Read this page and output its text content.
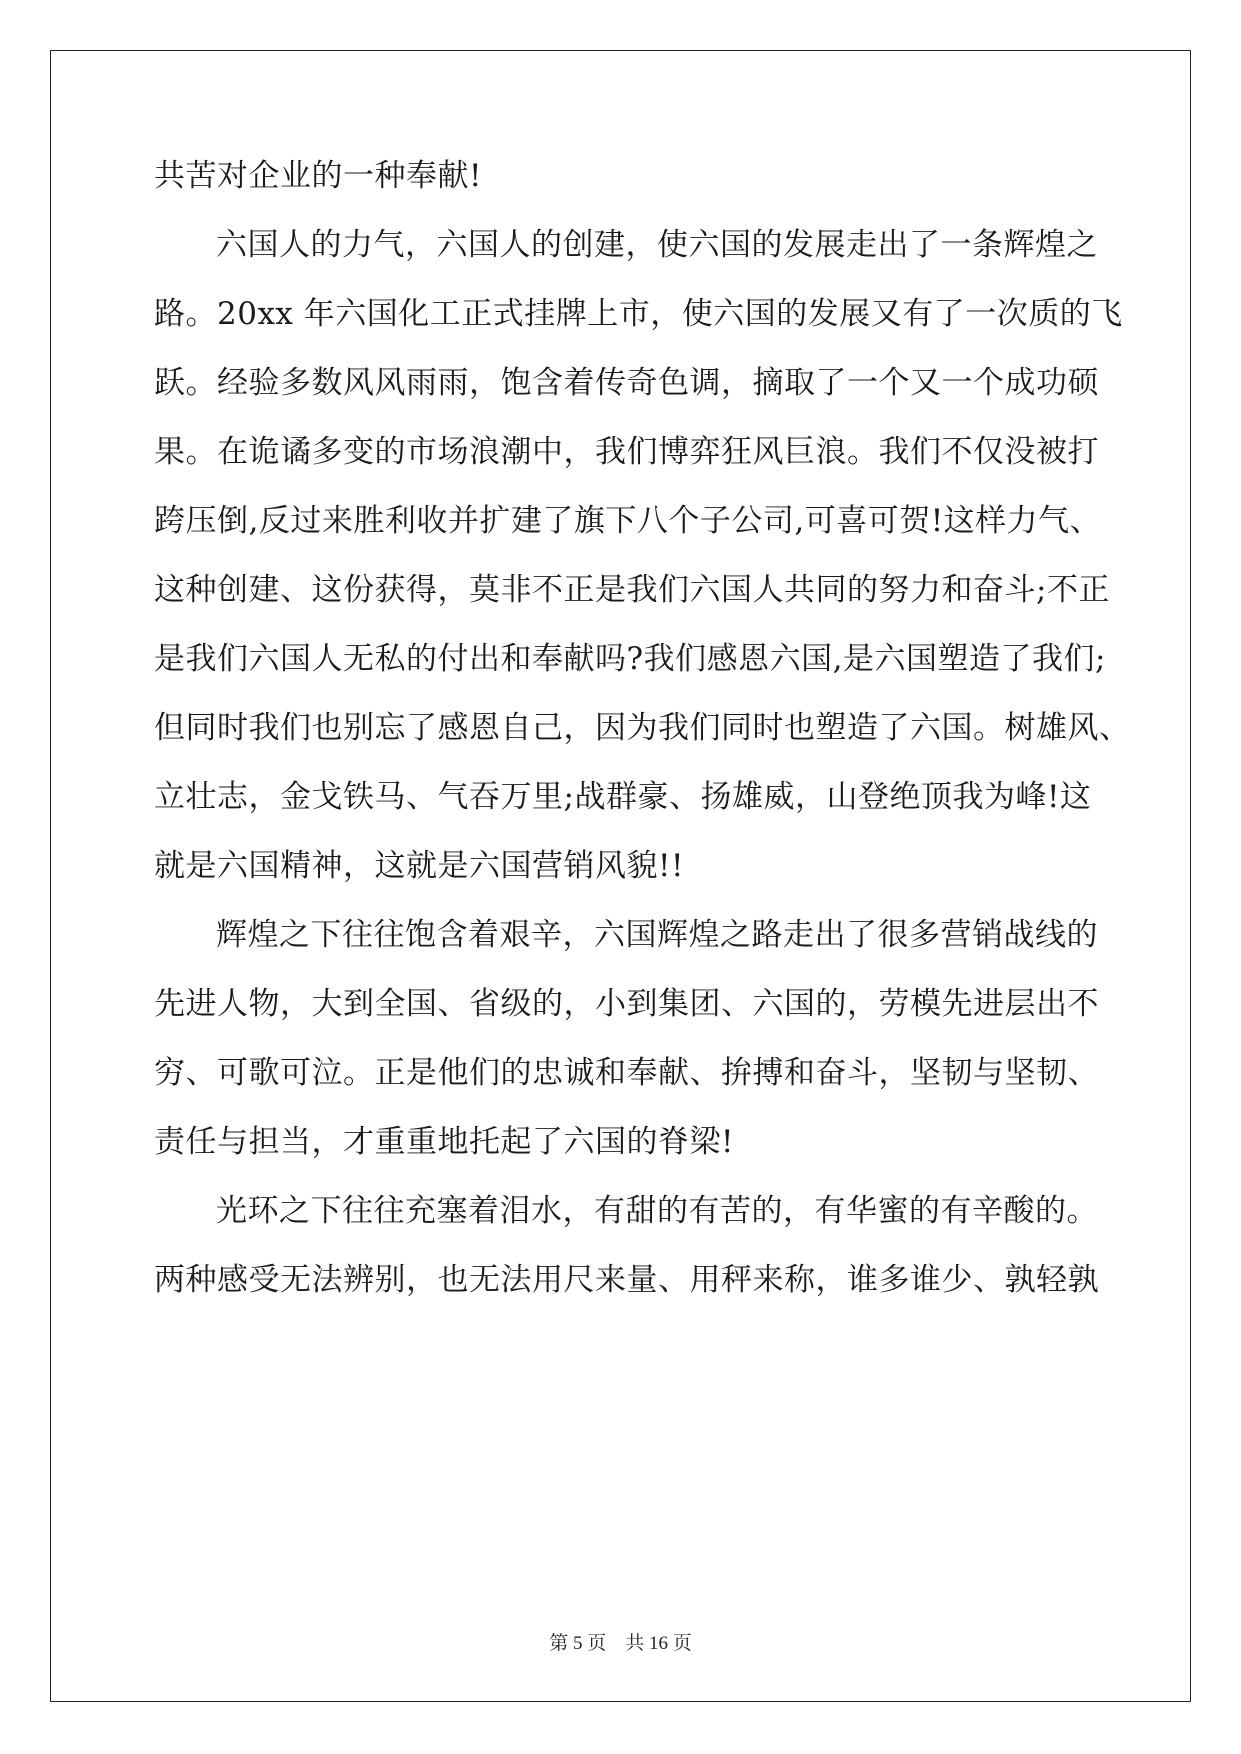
共苦对企业的一种奉献!
六国人的力气，六国人的创建，使六国的发展走出了一条辉煌之
路。20xx 年六国化工正式挂牌上市，使六国的发展又有了一次质的飞
跃。经验多数风风雨雨，饱含着传奇色调，摘取了一个又一个成功硕
果。在诡谲多变的市场浪潮中，我们博弈狂风巨浪。我们不仅没被打
跨压倒,反过来胜利收并扩建了旗下八个子公司,可喜可贺!这样力气、
这种创建、这份获得，莫非不正是我们六国人共同的努力和奋斗;不正
是我们六国人无私的付出和奉献吗?我们感恩六国,是六国塑造了我们;
但同时我们也别忘了感恩自己，因为我们同时也塑造了六国。树雄风、
立壮志，金戈铁马、气吞万里;战群豪、扬雄威，山登绝顶我为峰!这
就是六国精神，这就是六国营销风貌!!
辉煌之下往往饱含着艰辛，六国辉煌之路走出了很多营销战线的
先进人物，大到全国、省级的，小到集团、六国的，劳模先进层出不
穷、可歌可泣。正是他们的忠诚和奉献、拚搏和奋斗，坚韧与坚韧、
责任与担当，才重重地托起了六国的脊梁!
光环之下往往充塞着泪水，有甜的有苦的，有华蜜的有辛酸的。
两种感受无法辨别，也无法用尺来量、用秤来称，谁多谁少、孰轻孰
第 5 页　共 16 页
